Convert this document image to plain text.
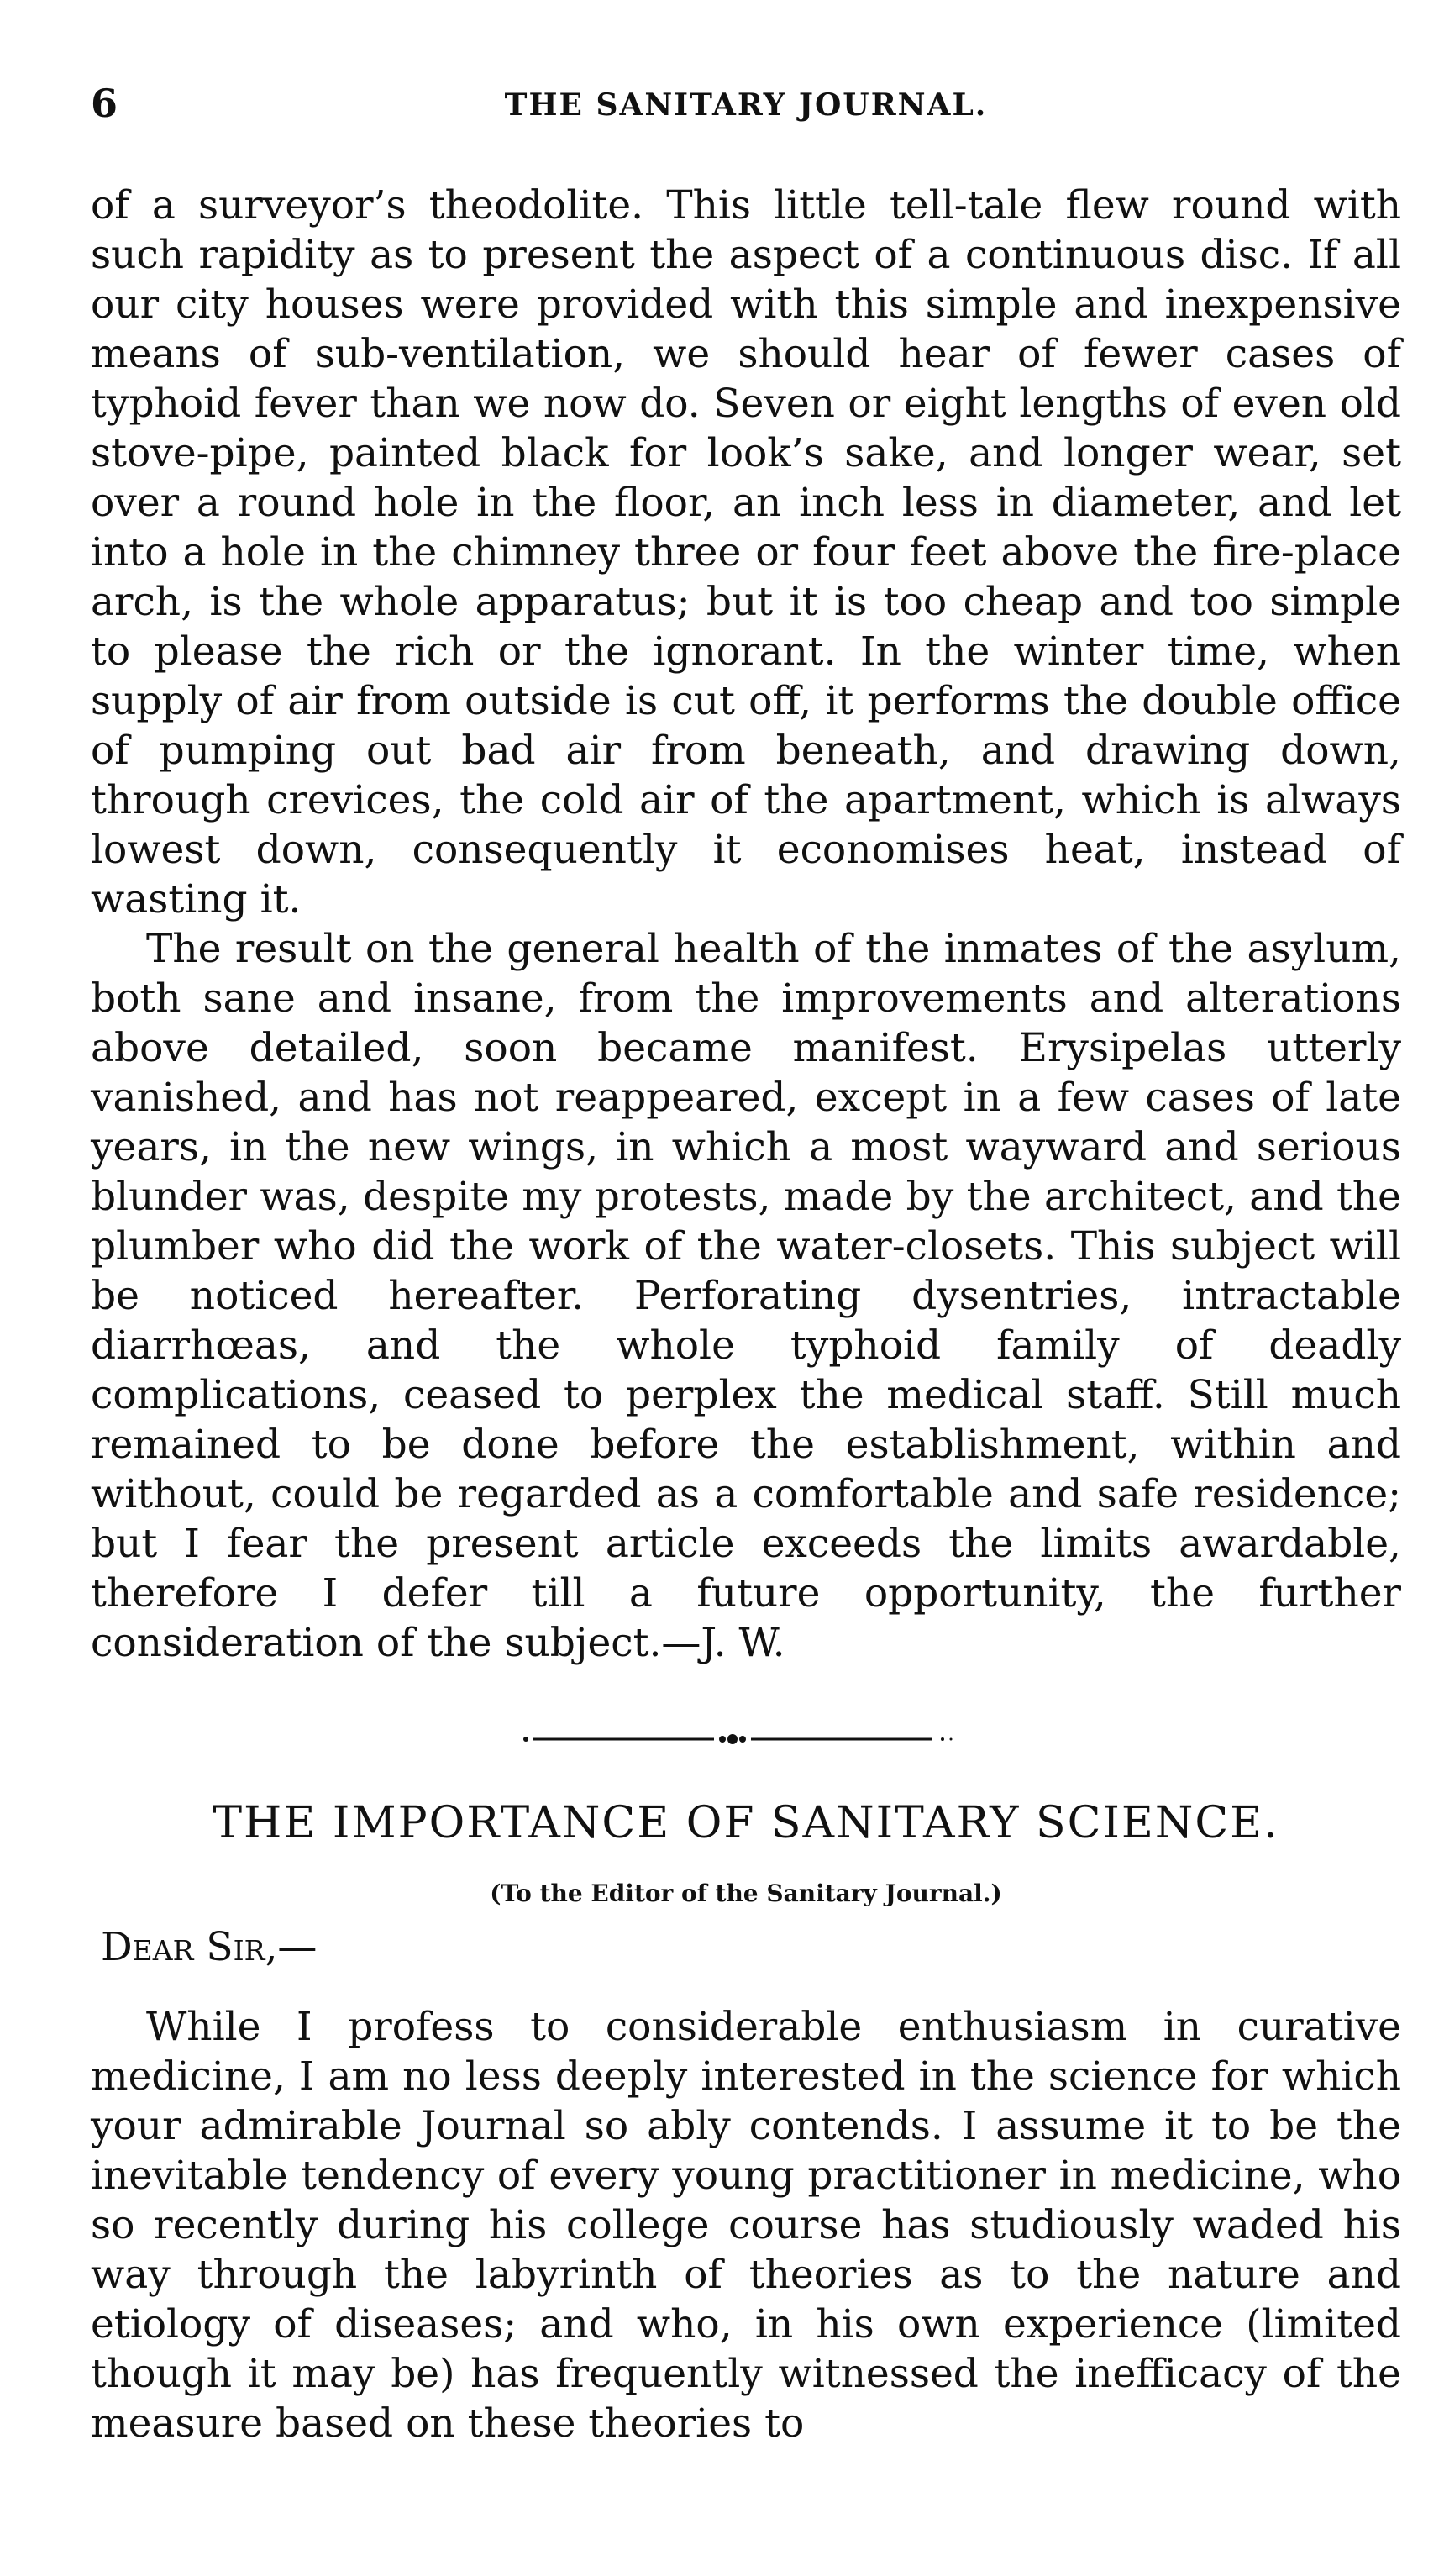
6	THE SANITARY JOURNAL.

of a surveyor’s theodolite. This little tell-tale flew round with such rapidity as to present the aspect of a continuous disc. If all our city houses were provided with this simple and inexpensive means of sub-ventilation, we should hear of fewer cases of typhoid fever than we now do. Seven or eight lengths of even old stove-pipe, painted black for look’s sake, and longer wear, set over a round hole in the floor, an inch less in diameter, and let into a hole in the chimney three or four feet above the fire-place arch, is the whole apparatus; but it is too cheap and too simple to please the rich or the ignorant. In the winter time, when supply of air from outside is cut off, it performs the double office of pumping out bad air from beneath, and drawing down, through crevices, the cold air of the apartment, which is always lowest down, consequently it economises heat, instead of wasting it.

The result on the general health of the inmates of the asylum, both sane and insane, from the improvements and alterations above detailed, soon became manifest. Erysipelas utterly vanished, and has not reappeared, except in a few cases of late years, in the new wings, in which a most wayward and serious blunder was, despite my protests, made by the architect, and the plumber who did the work of the water-closets. This subject will be noticed hereafter. Perforating dysentries, intractable diarrhœas, and the whole typhoid family of deadly complications, ceased to perplex the medical staff. Still much remained to be done before the establishment, within and without, could be regarded as a comfortable and safe residence; but I fear the present article exceeds the limits awardable, therefore I defer till a future opportunity, the further consideration of the subject.—J. W.

THE IMPORTANCE OF SANITARY SCIENCE.
(To the Editor of the Sanitary Journal.)
Dear Sir,—

While I profess to considerable enthusiasm in curative medicine, I am no less deeply interested in the science for which your admirable Journal so ably contends. I assume it to be the inevitable tendency of every young practitioner in medicine, who so recently during his college course has studiously waded his way through the labyrinth of theories as to the nature and etiology of diseases; and who, in his own experience (limited though it may be) has frequently witnessed the inefficacy of the measure based on these theories to
